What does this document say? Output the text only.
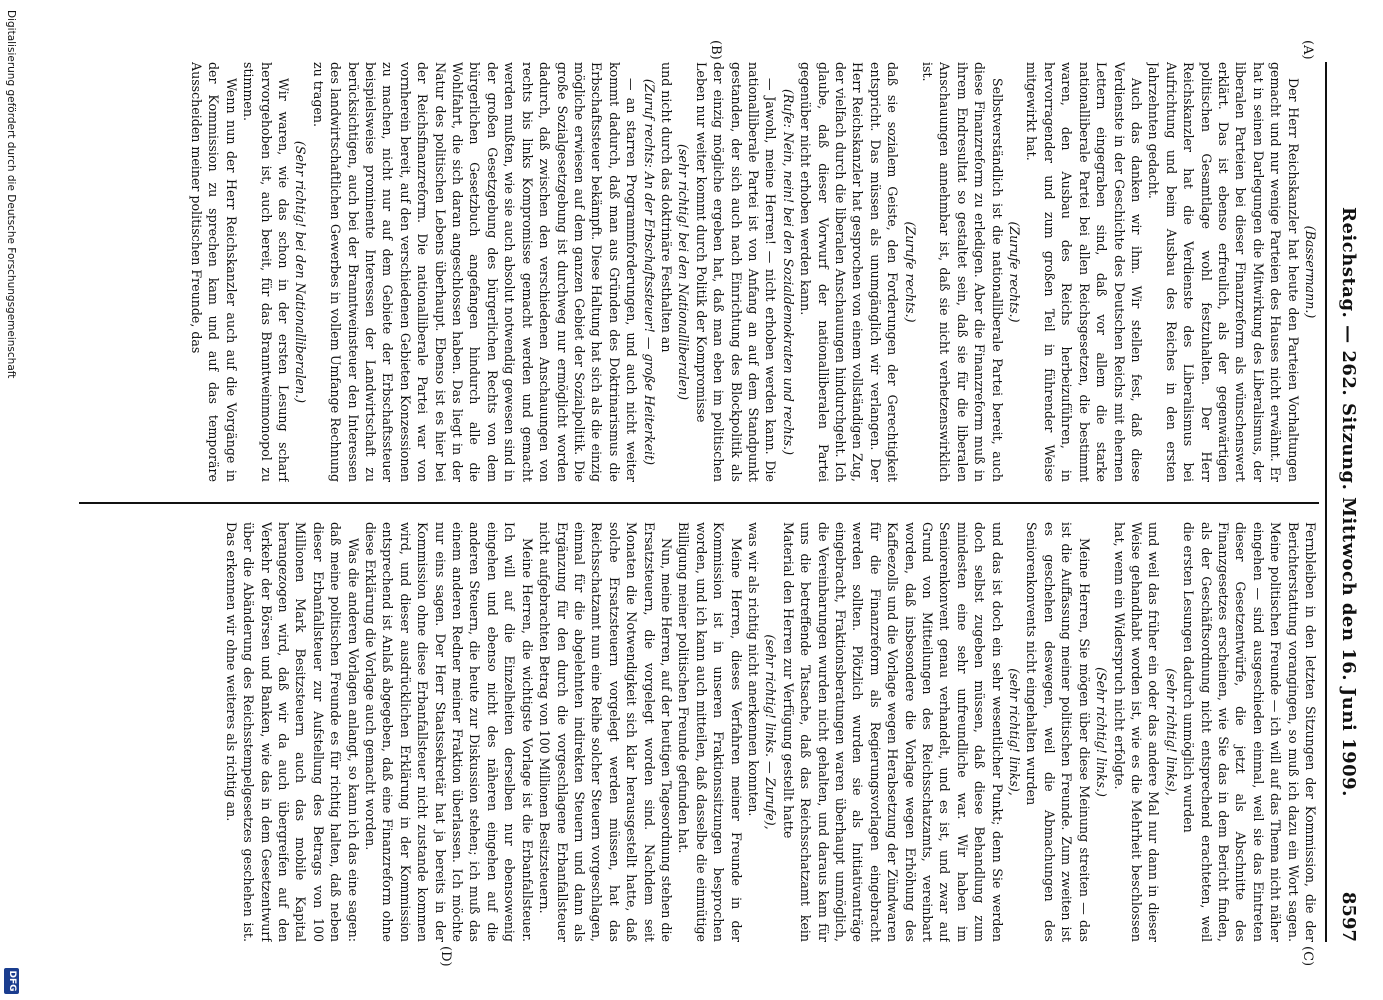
Reichstag. — 262. Sitzung. Mittwoch den 16. Juni 1909.
8597
(A)
(B)
(C)
(D)

(Bassermann.)

Der Herr Reichskanzler hat heute den Parteien Vorhaltungen gemacht und nur wenige Parteien des Hauses nicht erwähnt. Er hat in seinen Darlegungen die Mitwirkung des Liberalismus, der liberalen Parteien bei dieser Finanzreform als wünschenswert erklärt. Das ist ebenso erfreulich, als der gegenwärtigen politischen Gesamtlage wohl festzuhalten. Der Herr Reichskanzler hat die Verdienste des Liberalismus bei Aufrichtung und beim Ausbau des Reiches in den ersten Jahrzehnten gedacht.

Auch das danken wir ihm. Wir stellen fest, daß diese Verdienste in der Geschichte des Deutschen Reichs mit ehernen Lettern eingegraben sind, daß vor allem die starke nationalliberale Partei bei allen Reichsgesetzen, die bestimmt waren, den Ausbau des Reichs herbeizuführen, in hervorragender und zum großen Teil in führender Weise mitgewirkt hat.

(Zurufe rechts.)

Selbstverständlich ist die nationalliberale Partei bereit, auch diese Finanzreform zu erledigen. Aber die Finanzreform muß in ihrem Endresultat so gestaltet sein, daß sie für die liberalen Anschauungen annehmbar ist, daß sie nicht verhetzenswirklich ist.

(Zurufe rechts.)

daß sie sozialem Geiste, den Forderungen der Gerechtigkeit entspricht. Das müssen als unumgänglich wir verlangen. Der Herr Reichskanzler hat gesprochen von einem vollständigen Zug, der vielfach durch die liberalen Anschauungen hindurchgeht. Ich glaube, daß dieser Vorwurf der nationalliberalen Partei gegenüber nicht erhoben werden kann.

(Rufe: Nein, nein! bei den Sozialdemokraten und rechts.)

— Jawohl, meine Herren! — nicht erhoben werden kann. Die nationalliberale Partei ist von Anfang an auf dem Standpunkt gestanden, der sich auch nach Einrichtung des Blockpolitik als der einzig mögliche ergeben hat, daß man eben im politischen Leben nur weiter kommt durch Politik der Kompromisse

(sehr richtig! bei den Nationalliberalen)

und nicht durch das doktrinäre Festhalten an

(Zuruf rechts: An der Erbschaftssteuer! — große Heiterkeit)

— an starren Programmforderungen, und auch nicht weiter kommt dadurch, daß man aus Gründen des Doktrinarismus die Erbschaftssteuer bekämpft. Diese Haltung hat sich als die einzig mögliche erwiesen auf dem ganzen Gebiet der Sozialpolitik. Die große Sozialgesetzgebung ist durchweg nur ermöglicht worden dadurch, daß zwischen den verschiedenen Anschauungen von rechts bis links Kompromisse gemacht werden und gemacht werden mußten, wie sie auch absolut notwendig gewesen sind in der großen Gesetzgebung des bürgerlichen Rechts von dem bürgerlichen Gesetzbuch angefangen hindurch alle die Wohlfahrt, die sich daran angeschlossen haben. Das liegt in der Natur des politischen Lebens überhaupt. Ebenso ist es hier bei der Reichsfinanzreform. Die nationalliberale Partei war von vornherein bereit, auf den verschiedenen Gebieten Konzessionen zu machen, nicht nur auf dem Gebiete der Erbschaftssteuer beispielsweise prominente Interessen der Landwirtschaft zu berücksichtigen, auch bei der Branntweinsteuer den Interessen des landwirtschaftlichen Gewerbes in vollem Umfange Rechnung zu tragen.

(Sehr richtig! bei den Nationalliberalen.)

Wir waren, wie das schon in der ersten Lesung scharf hervorgehoben ist, auch bereit, für das Branntweinmonopol zu stimmen.

Wenn nun der Herr Reichskanzler auch auf die Vorgänge in der Kommission zu sprechen kam und auf das temporäre Ausscheiden meiner politischen Freunde, das

Fernbleiben in den letzten Sitzungen der Kommission, die der Berichterstattung vorangingen, so muß ich dazu ein Wort sagen. Meine politischen Freunde — ich will auf das Thema nicht näher eingehen — sind ausgeschieden einmal, weil sie das Eintreten dieser Gesetzentwürfe, die jetzt als Abschnitte des Finanzgesetzes erscheinen, wie Sie das in dem Bericht finden, als der Geschäftsordnung nicht entsprechend erachteten, weil die ersten Lesungen dadurch unmöglich wurden

(sehr richtig! links),

und weil das früher ein oder das andere Mal nur dann in dieser Weise gehandhabt worden ist, wie es die Mehrheit beschlossen hat, wenn ein Widerspruch nicht erfolgte.

(Sehr richtig! links.)

Meine Herren, Sie mögen über diese Meinung streiten — das ist die Auffassung meiner politischen Freunde. Zum zweiten ist es geschehen deswegen, weil die Abmachungen des Seniorenkonvents nicht eingehalten wurden

(sehr richtig! links),

und das ist doch ein sehr wesentlicher Punkt; denn Sie werden doch selbst zugeben müssen, daß diese Behandlung zum mindesten eine sehr unfreundliche war. Wir haben im Seniorenkonvent genau verhandelt, und es ist, und zwar auf Grund von Mitteilungen des Reichsschatzamts, vereinbart worden, daß insbesondere die Vorlage wegen Erhöhung des Kaffeezolls und die Vorlage wegen Herabsetzung der Zündwaren für die Finanzreform als Regierungsvorlagen eingebracht werden sollten. Plötzlich wurden sie als Initiativanträge eingebracht, Fraktionsberatungen waren überhaupt unmöglich, die Vereinbarungen wurden nicht gehalten, und daraus kam für uns die betreffende Tatsache, daß das Reichsschatzamt kein Material den Herren zur Verfügung gestellt hatte

(sehr richtig! links. — Zurufe),

was wir als richtig nicht anerkennen konnten.

Meine Herren, dieses Verfahren meiner Freunde in der Kommission ist in unseren Fraktionssitzungen besprochen worden, und ich kann auch mitteilen, daß dasselbe die einmütige Billigung meiner politischen Freunde gefunden hat.

Nun, meine Herren, auf der heutigen Tagesordnung stehen die Ersatzsteuern, die vorgelegt worden sind. Nachdem seit Monaten die Notwendigkeit sich klar herausgestellt hatte, daß solche Ersatzsteuern vorgelegt werden müssen, hat das Reichsschatzamt nun eine Reihe solcher Steuern vorgeschlagen, einmal für die abgelehnten indirekten Steuern und dann als Ergänzung für den durch die vorgeschlagene Erbanfallsteuer nicht aufgebrachten Betrag von 100 Millionen Besitzsteuern.

Meine Herren, die wichtigste Vorlage ist die Erbanfallsteuer. Ich will auf die Einzelheiten derselben nur ebensowenig eingehen und ebenso nicht des näheren eingehen auf die anderen Steuern, die heute zur Diskussion stehen; ich muß das einem anderen Redner meiner Fraktion überlassen. Ich möchte nur eins sagen. Der Herr Staatssekretär hat ja bereits in der Kommission ohne diese Erbanfallsteuer nicht zustande kommen wird, und dieser ausdrücklichen Erklärung in der Kommission entsprechend ist Anlaß abgegeben, daß eine Finanzreform ohne diese Erklärung die Vorlage auch gemacht worden.

Was die anderen Vorlagen anlangt, so kann ich das eine sagen: daß meine politischen Freunde es für richtig halten, daß neben dieser Erbanfallsteuer zur Aufstellung des Betrags von 100 Millionen Mark Besitzsteuern auch das mobile Kapital herangezogen wird, daß wir da auch übergreifen auf den Verkehr der Börsen und Banken, wie das in dem Gesetzentwurf über die Abänderung des Reichsstempelgesetzes geschehen ist. Das erkennen wir ohne weiteres als richtig an.

Digitalisierung gefördert durch die Deutsche Forschungsgemeinschaft
DFG
